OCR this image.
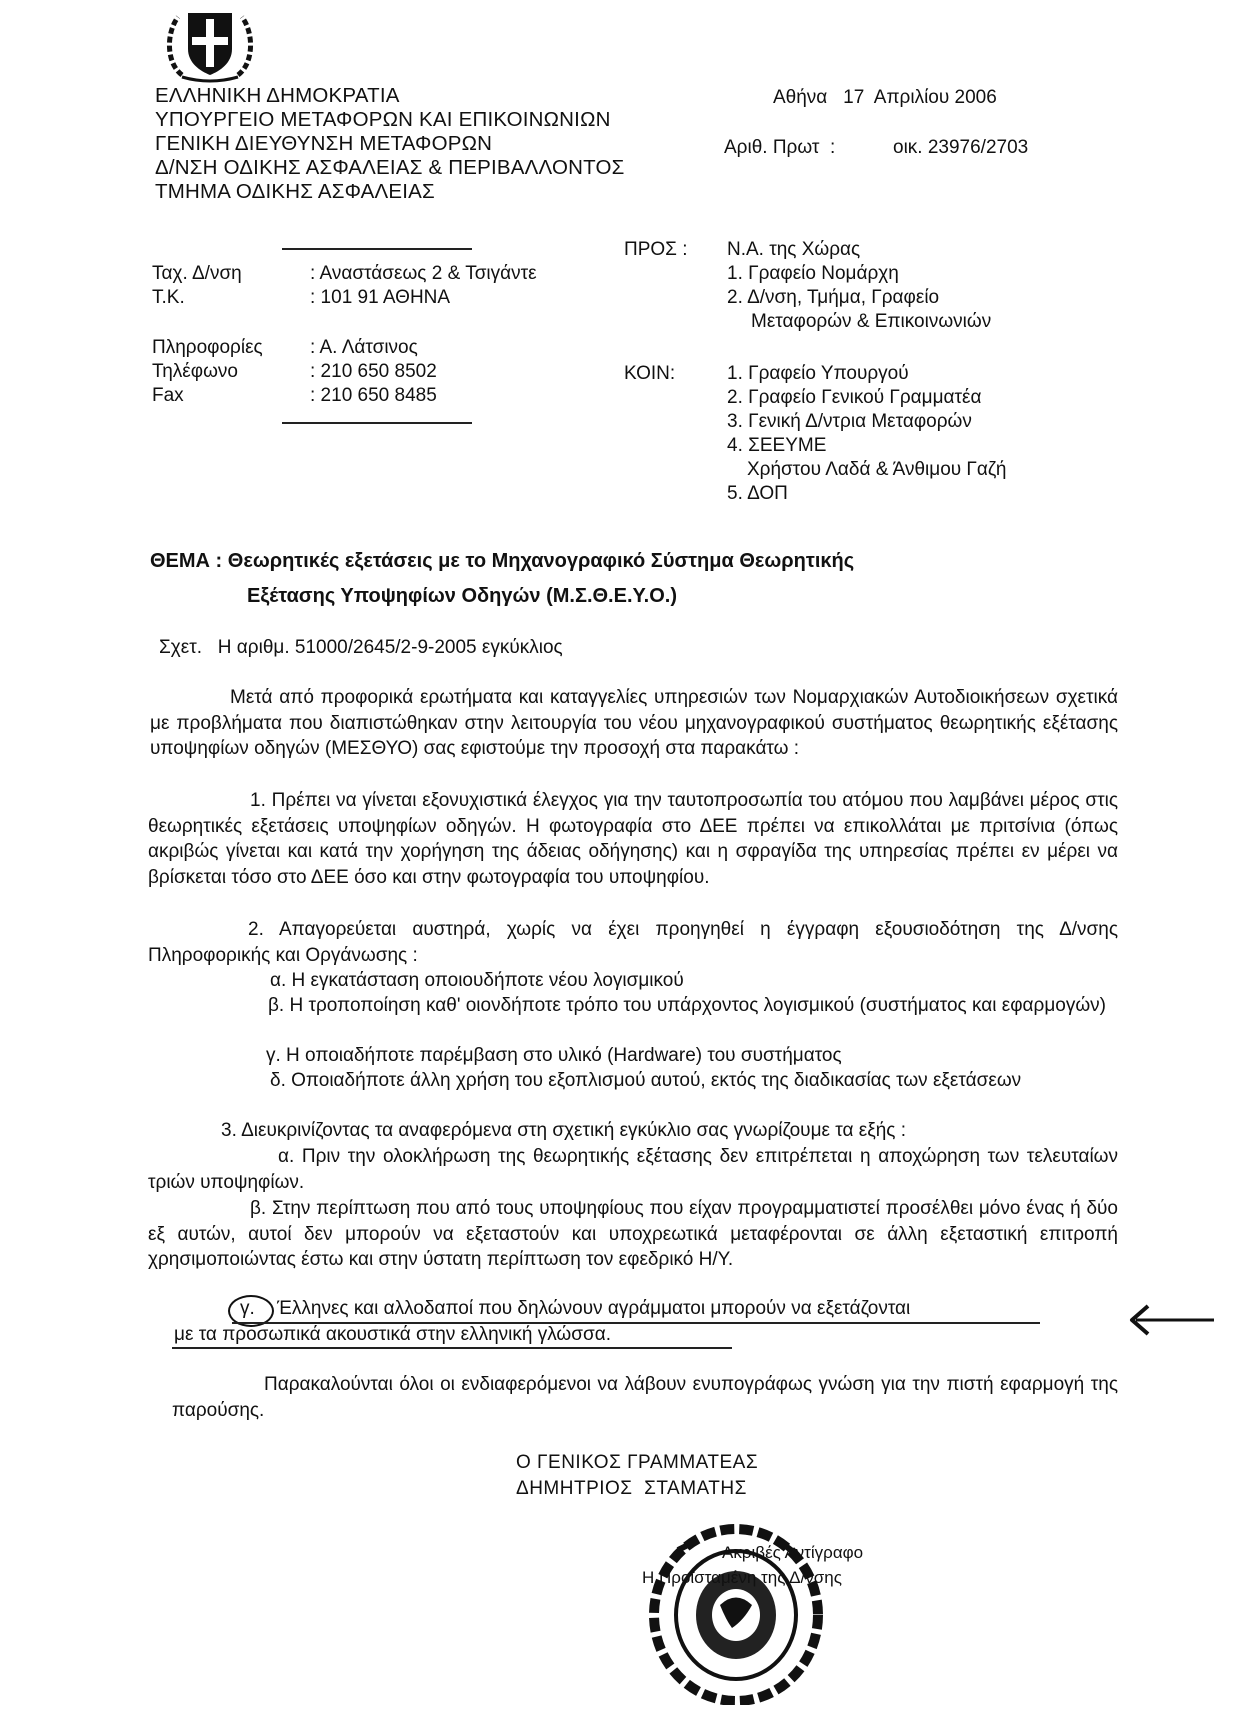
ΕΛΛΗΝΙΚΗ ΔΗΜΟΚΡΑΤΙΑ
ΥΠΟΥΡΓΕΙΟ ΜΕΤΑΦΟΡΩΝ ΚΑΙ ΕΠΙΚΟΙΝΩΝΙΩΝ
ΓΕΝΙΚΗ ΔΙΕΥΘΥΝΣΗ ΜΕΤΑΦΟΡΩΝ
Δ/ΝΣΗ ΟΔΙΚΗΣ ΑΣΦΑΛΕΙΑΣ & ΠΕΡΙΒΑΛΛΟΝΤΟΣ
ΤΜΗΜΑ ΟΔΙΚΗΣ ΑΣΦΑΛΕΙΑΣ
Αθήνα   17  Απριλίου 2006
Αριθ. Πρωτ  :	οικ. 23976/2703
Ταχ. Δ/νση	: Αναστάσεως 2 & Τσιγάντε
Τ.Κ.	: 101 91 ΑΘΗΝΑ
Πληροφορίες : Α. Λάτσινος
Τηλέφωνο	: 210 650 8502
Fax	: 210 650 8485
ΠΡΟΣ : Ν.Α. της Χώρας
1. Γραφείο Νομάρχη
2. Δ/νση, Τμήμα, Γραφείο
Μεταφορών & Επικοινωνιών
ΚΟΙΝ:	1. Γραφείο Υπουργού
2. Γραφείο Γενικού Γραμματέα
3. Γενική Δ/ντρια Μεταφορών
4. ΣΕΕΥΜΕ
Χρήστου Λαδά & Άνθιμου Γαζή
5. ΔΟΠ
ΘΕΜΑ : Θεωρητικές εξετάσεις με το Μηχανογραφικό Σύστημα Θεωρητικής
Εξέτασης Υποψηφίων Οδηγών (Μ.Σ.Θ.Ε.Υ.Ο.)
Σχετ.   Η αριθμ. 51000/2645/2-9-2005 εγκύκλιος
Μετά από προφορικά ερωτήματα και καταγγελίες υπηρεσιών των Νομαρχιακών Αυτοδιοικήσεων σχετικά με προβλήματα που διαπιστώθηκαν στην λειτουργία του νέου μηχανογραφικού συστήματος θεωρητικής εξέτασης υποψηφίων οδηγών (ΜΕΣΘΥΟ) σας εφιστούμε την προσοχή στα παρακάτω :
1. Πρέπει να γίνεται εξονυχιστικά έλεγχος για την ταυτοπροσωπία του ατόμου που λαμβάνει μέρος στις θεωρητικές εξετάσεις υποψηφίων οδηγών. Η φωτογραφία στο ΔΕΕ πρέπει να επικολλάται με πριτσίνια (όπως ακριβώς γίνεται και κατά την χορήγηση της άδειας οδήγησης) και η σφραγίδα της υπηρεσίας πρέπει εν μέρει να βρίσκεται τόσο στο ΔΕΕ όσο και στην φωτογραφία του υποψηφίου.
2. Απαγορεύεται αυστηρά, χωρίς να έχει προηγηθεί η έγγραφη εξουσιοδότηση της Δ/νσης Πληροφορικής και Οργάνωσης :
α. Η εγκατάσταση οποιουδήποτε νέου λογισμικού
β. Η τροποποίηση καθ' οιονδήποτε τρόπο του υπάρχοντος λογισμικού (συστήματος και εφαρμογών)
γ. Η οποιαδήποτε παρέμβαση στο υλικό (Hardware) του συστήματος
δ. Οποιαδήποτε άλλη χρήση του εξοπλισμού αυτού, εκτός της διαδικασίας των εξετάσεων
3. Διευκρινίζοντας τα αναφερόμενα στη σχετική εγκύκλιο σας γνωρίζουμε τα εξής :
α. Πριν την ολοκλήρωση της θεωρητικής εξέτασης δεν επιτρέπεται η αποχώρηση των τελευταίων τριών υποψηφίων.
β. Στην περίπτωση που από τους υποψηφίους που είχαν προγραμματιστεί προσέλθει μόνο ένας ή δύο εξ αυτών, αυτοί δεν μπορούν να εξεταστούν και υποχρεωτικά μεταφέρονται σε άλλη εξεταστική επιτροπή χρησιμοποιώντας έστω και στην ύστατη περίπτωση τον εφεδρικό Η/Υ.
γ. Έλληνες και αλλοδαποί που δηλώνουν αγράμματοι μπορούν να εξετάζονται
με τα προσωπικά ακουστικά στην ελληνική γλώσσα.
Παρακαλούνται όλοι οι ενδιαφερόμενοι να λάβουν ενυπογράφως γνώση για την πιστή εφαρμογή της παρούσης.
Ο ΓΕΝΙΚΟΣ ΓΡΑΜΜΑΤΕΑΣ
ΔΗΜΗΤΡΙΟΣ  ΣΤΑΜΑΤΗΣ
Ακριβές Αντίγραφο
Η Προϊσταμένη της Δ/νσης
